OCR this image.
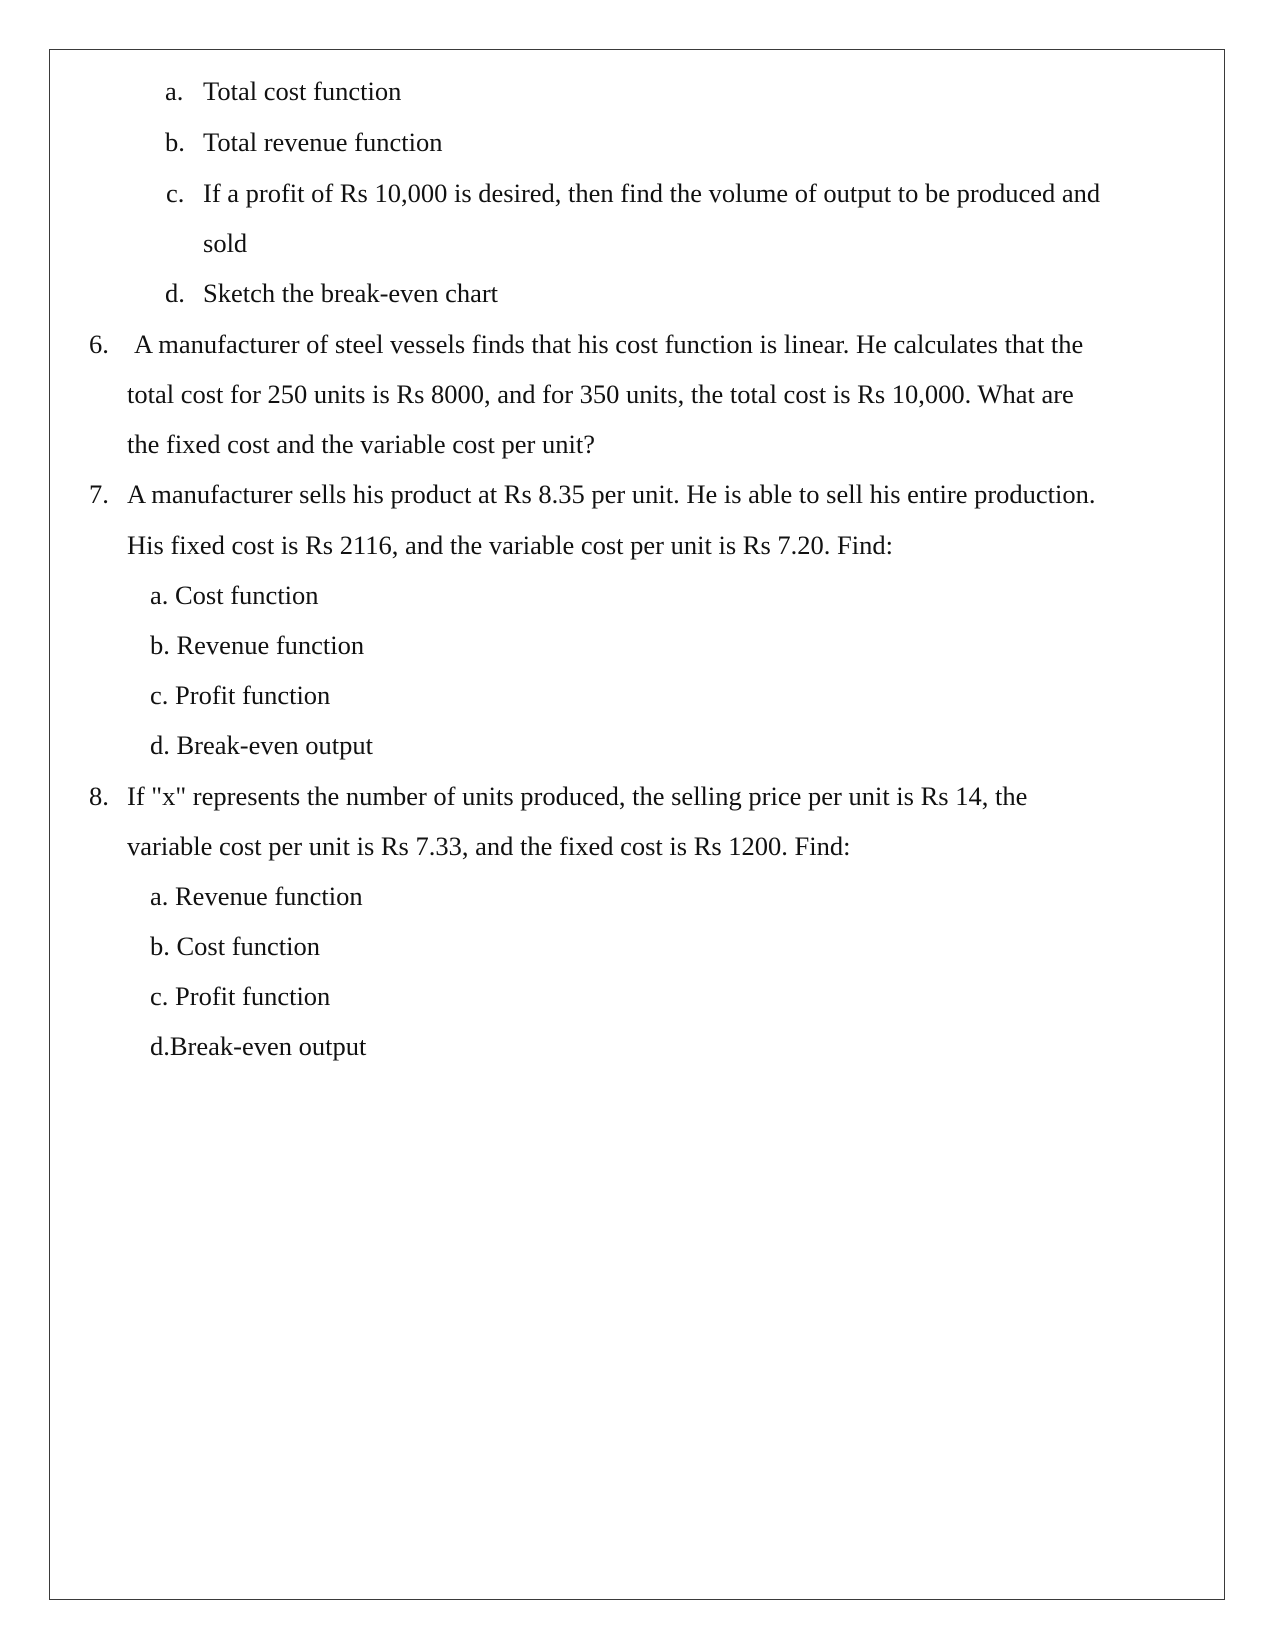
a. Total cost function
b. Total revenue function
c. If a profit of Rs 10,000 is desired, then find the volume of output to be produced and
sold
d. Sketch the break-even chart
6. A manufacturer of steel vessels finds that his cost function is linear. He calculates that the
total cost for 250 units is Rs 8000, and for 350 units, the total cost is Rs 10,000. What are
the fixed cost and the variable cost per unit?
7. A manufacturer sells his product at Rs 8.35 per unit. He is able to sell his entire production.
His fixed cost is Rs 2116, and the variable cost per unit is Rs 7.20. Find:
a. Cost function
b. Revenue function
c. Profit function
d. Break-even output
8. If "x" represents the number of units produced, the selling price per unit is Rs 14, the
variable cost per unit is Rs 7.33, and the fixed cost is Rs 1200. Find:
a. Revenue function
b. Cost function
c. Profit function
d.Break-even output
